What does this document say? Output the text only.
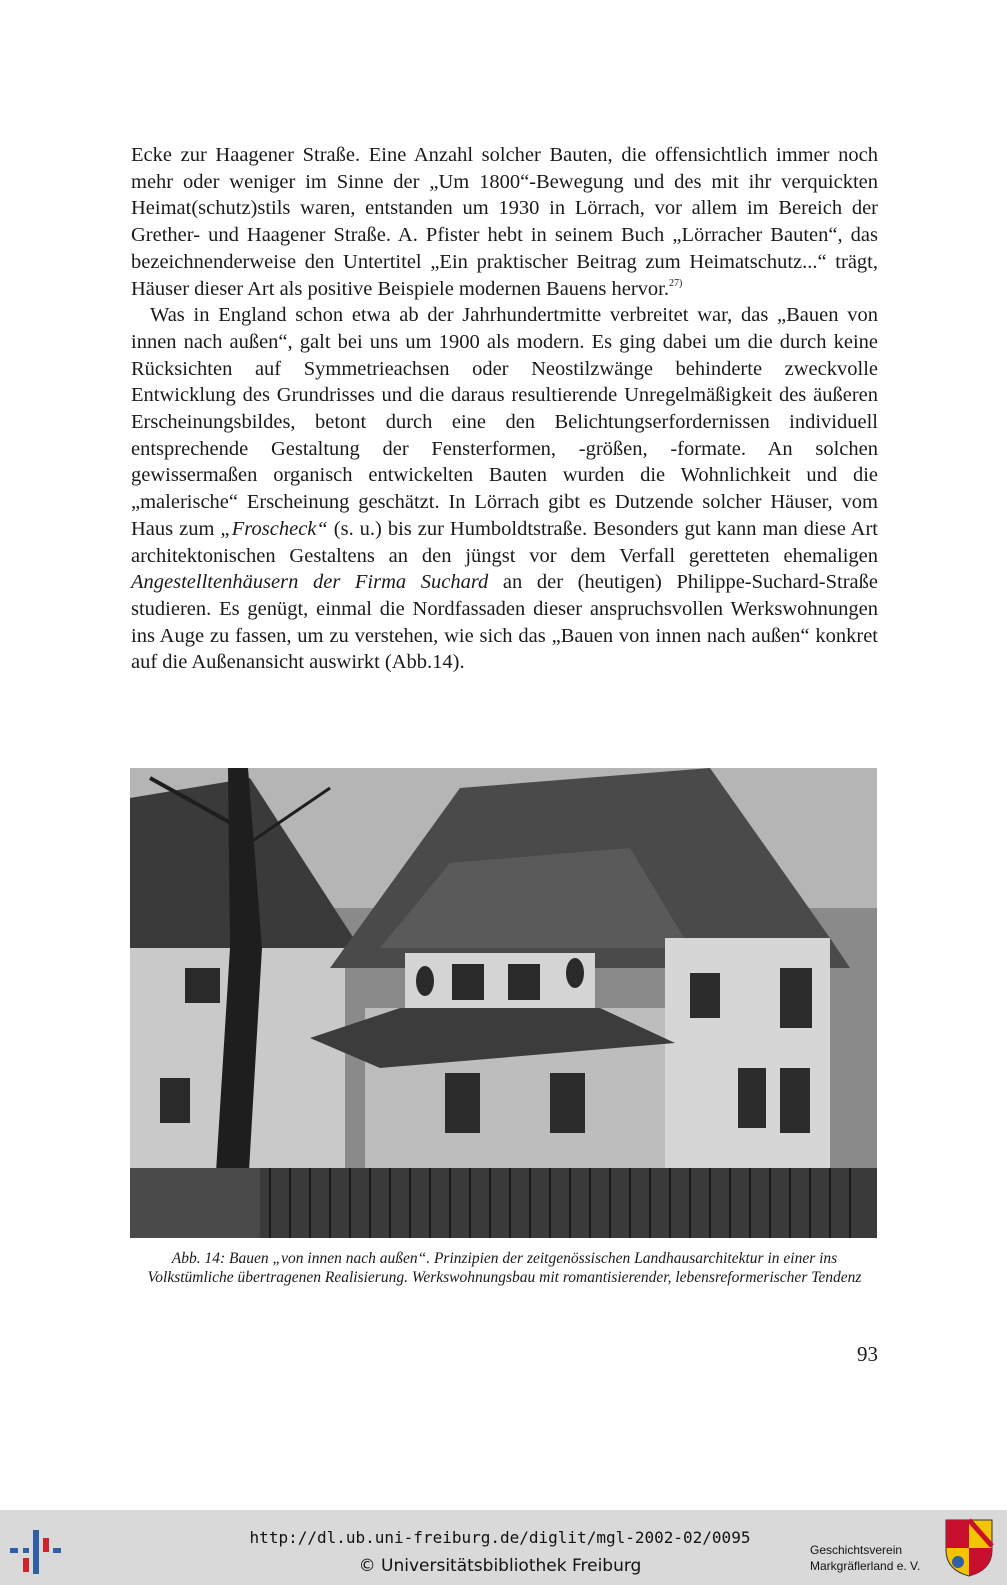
Ecke zur Haagener Straße. Eine Anzahl solcher Bauten, die offensichtlich immer noch mehr oder weniger im Sinne der „Um 1800“-Bewegung und des mit ihr verquickten Heimat(schutz)stils waren, entstanden um 1930 in Lörrach, vor allem im Bereich der Grether- und Haagener Straße. A. Pfister hebt in seinem Buch „Lörracher Bauten“, das bezeichnenderweise den Untertitel „Ein praktischer Beitrag zum Heimatschutz...“ trägt, Häuser dieser Art als positive Beispiele modernen Bauens hervor.$^{27)}$

Was in England schon etwa ab der Jahrhundertmitte verbreitet war, das „Bauen von innen nach außen“, galt bei uns um 1900 als modern. Es ging dabei um die durch keine Rücksichten auf Symmetrieachsen oder Neostilzwänge behinderte zweckvolle Entwicklung des Grundrisses und die daraus resultierende Unregelmäßigkeit des äußeren Erscheinungsbildes, betont durch eine den Belichtungserfordernissen individuell entsprechende Gestaltung der Fensterformen, -größen, -formate. An solchen gewissermaßen organisch entwickelten Bauten wurden die Wohnlichkeit und die „malerische“ Erscheinung geschätzt. In Lörrach gibt es Dutzende solcher Häuser, vom Haus zum „Froscheck“ (s. u.) bis zur Humboldtstraße. Besonders gut kann man diese Art architektonischen Gestaltens an den jüngst vor dem Verfall geretteten ehemaligen Angestelltenhäusern der Firma Suchard an der (heutigen) Philippe-Suchard-Straße studieren. Es genügt, einmal die Nordfassaden dieser anspruchsvollen Werkswohnungen ins Auge zu fassen, um zu verstehen, wie sich das „Bauen von innen nach außen“ konkret auf die Außenansicht auswirkt (Abb.14).

Abb. 14: Bauen „von innen nach außen“. Prinzipien der zeitgenössischen Landhausarchitektur in einer ins Volkstümliche übertragenen Realisierung. Werkswohnungsbau mit romantisierender, lebensreformerischer Tendenz
93
http://dl.ub.uni-freiburg.de/diglit/mgl-2002-02/0095
© Universitätsbibliothek Freiburg
Geschichtsverein
Markgräflerland e. V.
